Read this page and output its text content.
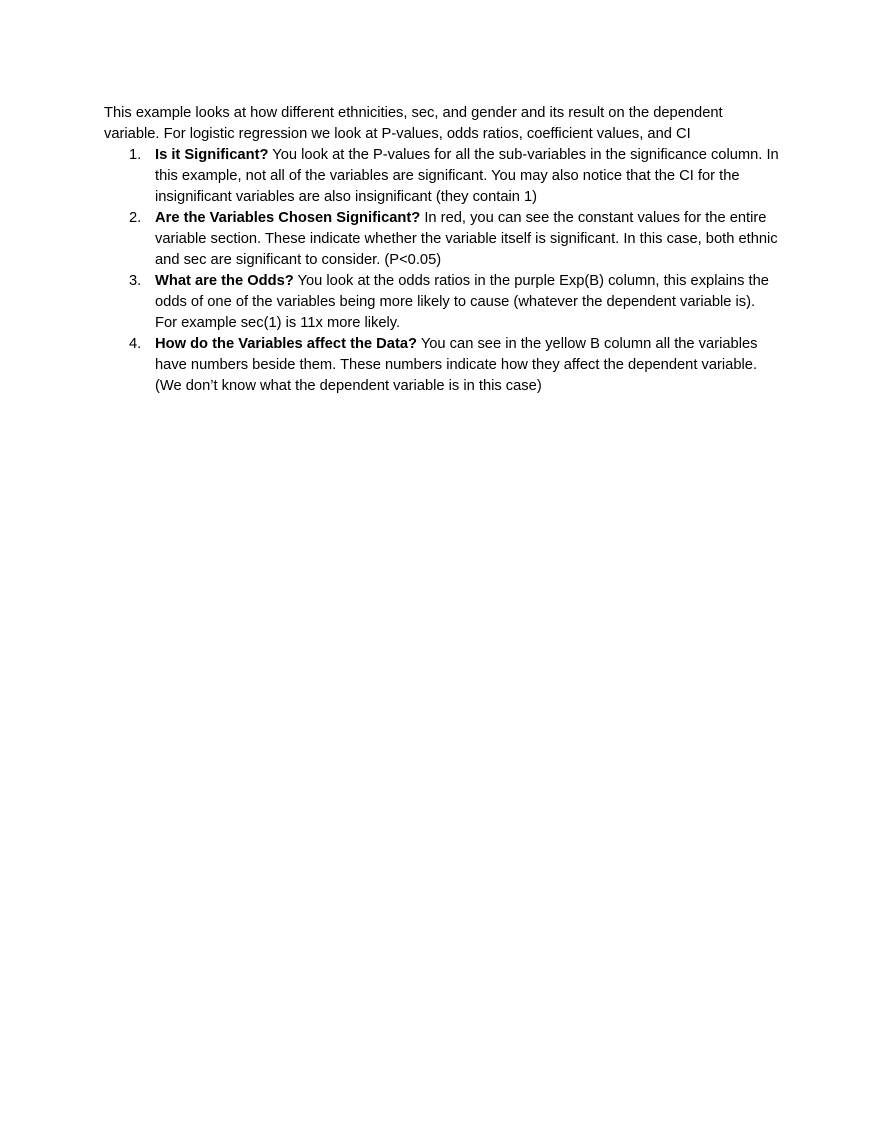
This example looks at how different ethnicities, sec, and gender and its result on the dependent variable. For logistic regression we look at P-values, odds ratios, coefficient values, and CI

1. Is it Significant? You look at the P-values for all the sub-variables in the significance column. In this example, not all of the variables are significant. You may also notice that the CI for the insignificant variables are also insignificant (they contain 1)
2. Are the Variables Chosen Significant? In red, you can see the constant values for the entire variable section. These indicate whether the variable itself is significant. In this case, both ethnic and sec are significant to consider. (P<0.05)
3. What are the Odds? You look at the odds ratios in the purple Exp(B) column, this explains the odds of one of the variables being more likely to cause (whatever the dependent variable is). For example sec(1) is 11x more likely.
4. How do the Variables affect the Data? You can see in the yellow B column all the variables have numbers beside them. These numbers indicate how they affect the dependent variable. (We don’t know what the dependent variable is in this case)
